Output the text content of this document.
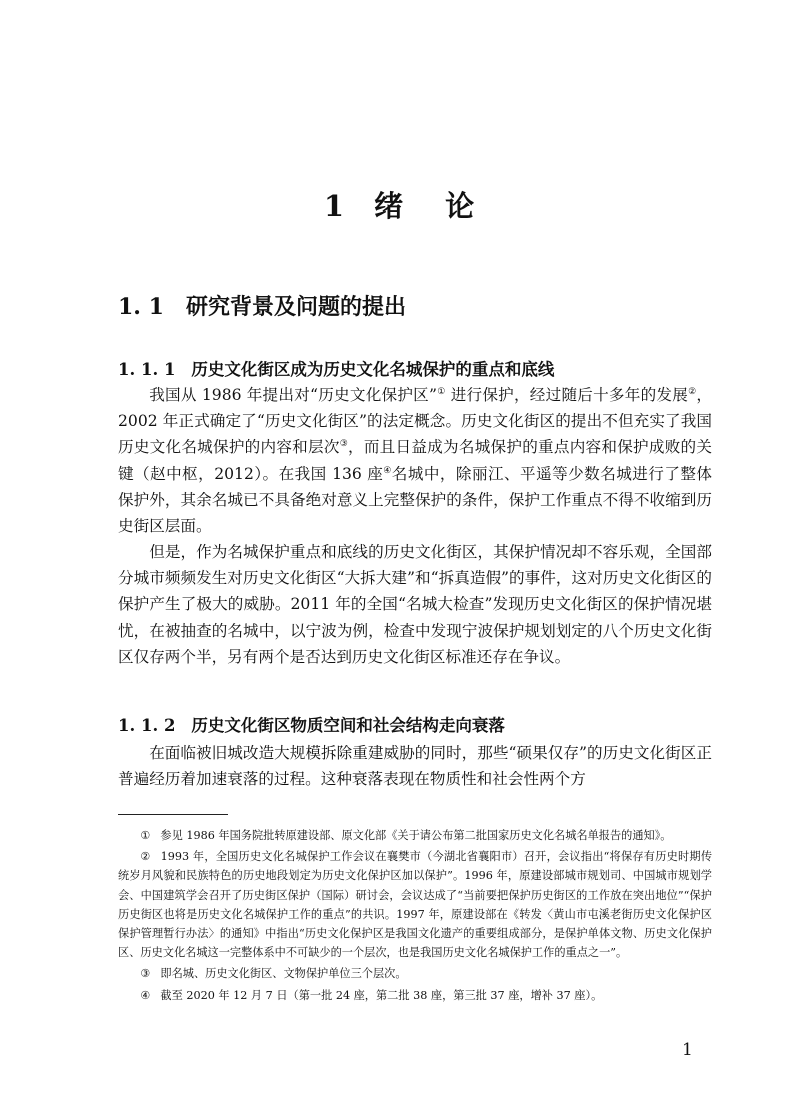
1 绪 论
1. 1 研究背景及问题的提出
1. 1. 1 历史文化街区成为历史文化名城保护的重点和底线

我国从 1986 年提出对“历史文化保护区”① 进行保护，经过随后十多年的发展②，2002 年正式确定了“历史文化街区”的法定概念。历史文化街区的提出不但充实了我国历史文化名城保护的内容和层次③，而且日益成为名城保护的重点内容和保护成败的关键（赵中枢，2012）。在我国 136 座④名城中，除丽江、平遥等少数名城进行了整体保护外，其余名城已不具备绝对意义上完整保护的条件，保护工作重点不得不收缩到历史街区层面。

但是，作为名城保护重点和底线的历史文化街区，其保护情况却不容乐观，全国部分城市频频发生对历史文化街区“大拆大建”和“拆真造假”的事件，这对历史文化街区的保护产生了极大的威胁。2011 年的全国“名城大检查”发现历史文化街区的保护情况堪忧，在被抽查的名城中，以宁波为例，检查中发现宁波保护规划划定的八个历史文化街区仅存两个半，另有两个是否达到历史文化街区标准还存在争议。

1. 1. 2 历史文化街区物质空间和社会结构走向衰落

在面临被旧城改造大规模拆除重建威胁的同时，那些“硕果仅存”的历史文化街区正普遍经历着加速衰落的过程。这种衰落表现在物质性和社会性两个方

① 参见 1986 年国务院批转原建设部、原文化部《关于请公布第二批国家历史文化名城名单报告的通知》。

② 1993 年，全国历史文化名城保护工作会议在襄樊市（今湖北省襄阳市）召开，会议指出“将保存有历史时期传统岁月风貌和民族特色的历史地段划定为历史文化保护区加以保护”。1996 年，原建设部城市规划司、中国城市规划学会、中国建筑学会召开了历史街区保护（国际）研讨会，会议达成了“当前要把保护历史街区的工作放在突出地位”“保护历史街区也将是历史文化名城保护工作的重点”的共识。1997 年，原建设部在《转发〈黄山市屯溪老街历史文化保护区保护管理暂行办法〉的通知》中指出“历史文化保护区是我国文化遗产的重要组成部分，是保护单体文物、历史文化保护区、历史文化名城这一完整体系中不可缺少的一个层次，也是我国历史文化名城保护工作的重点之一”。

③ 即名城、历史文化街区、文物保护单位三个层次。

④ 截至 2020 年 12 月 7 日（第一批 24 座，第二批 38 座，第三批 37 座，增补 37 座）。

1
